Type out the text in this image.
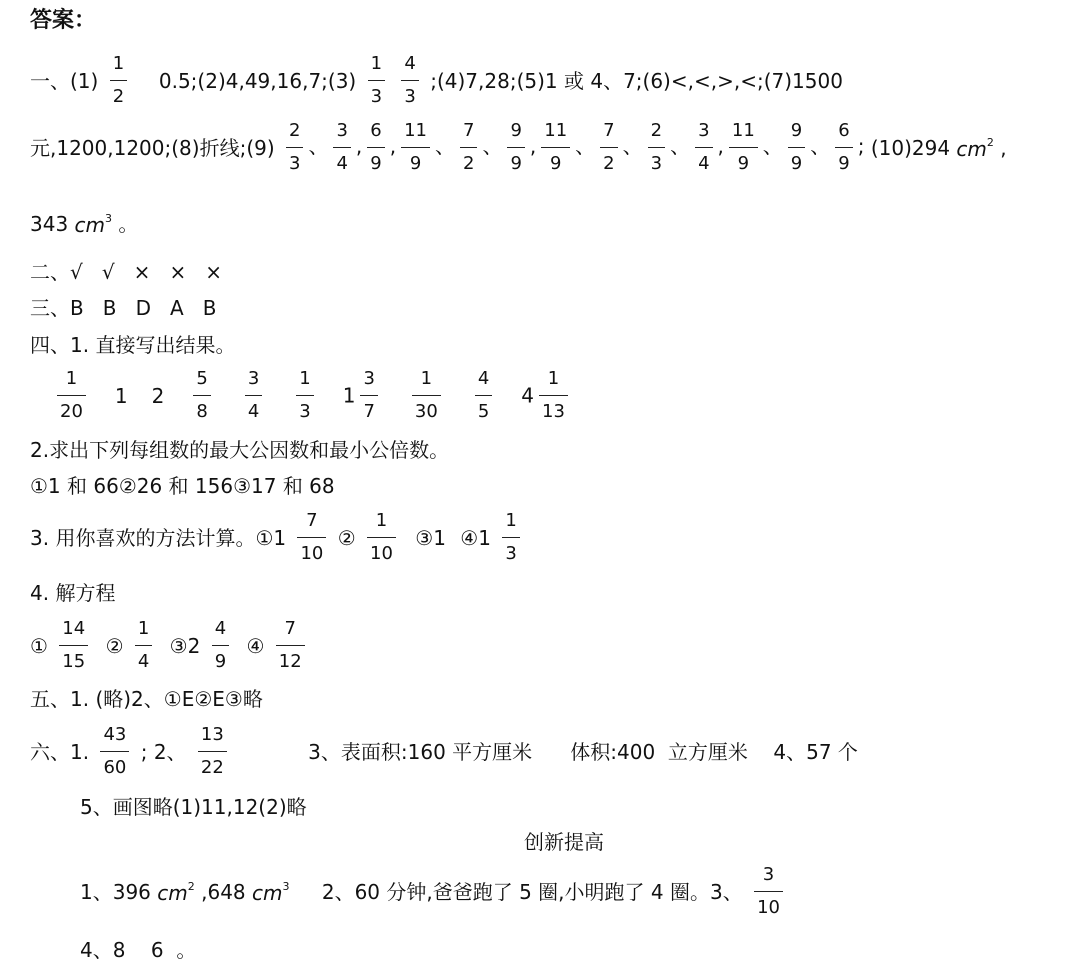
答案：
一、$(1) \frac{1}{2}$ 0.5;(2)4,49,16,7;(3) $\frac{1}{3}$
$\frac{4}{3}$ ;(4)7,28;(5)1 或 4、7;(6)<,<,>,<;(7)1500
元,1200,1200;(8)折线;(9) $\frac{2}{3}$ 、 $\frac{3}{4}$ , $\frac{6}{9}$ , $\frac{11}{9}$ 、 $\frac{7}{2}$ 、 $\frac{9}{9}$ , $\frac{11}{9}$ 、 $\frac{7}{2}$ 、 $\frac{2}{3}$ 、 $\frac{3}{4}$ , $\frac{11}{9}$ 、 $\frac{9}{9}$ 、 $\frac{6}{9}$ ; (10)294 $cm^2$ ,
343 $cm^3$ 。
二、√   √   ×   ×   ×
三、B   B   D   A   B
四、1. 直接写出结果。
$\frac{1}{20} 1$ $2 \frac{5}{8} \frac{3}{4} \frac{1}{3} 1 \frac{3}{7} \frac{1}{30} \frac{4}{5} 4 \frac{1}{13}$
2.求出下列每组数的最大公因数和最小公倍数。
①1 和 66②26 和 156③17 和 68
3. 用你喜欢的方法计算。①1 $\frac{7}{10}$ ② $\frac{1}{10}$ ③1 ④1 $\frac{1}{3}$
4. 解方程
① $\frac{14}{15}$ ② $\frac{1}{4}$ ③2 $\frac{4}{9}$ ④ $\frac{7}{12}$
五、1. (略)2、①E②E③略
六、1. $\frac{43}{60}$ ; 2、 $\frac{13}{22}$	3、表面积:160 平方厘米      体积:400  立方厘米    4、57 个
5、画图略(1)11,12(2)略
创新提高
1、396 $cm^2$ ,648 $cm^3$ 2、60 分钟,爸爸跑了 5 圈,小明跑了 4 圈。3、 $\frac{3}{10}$
4、8    6  。
